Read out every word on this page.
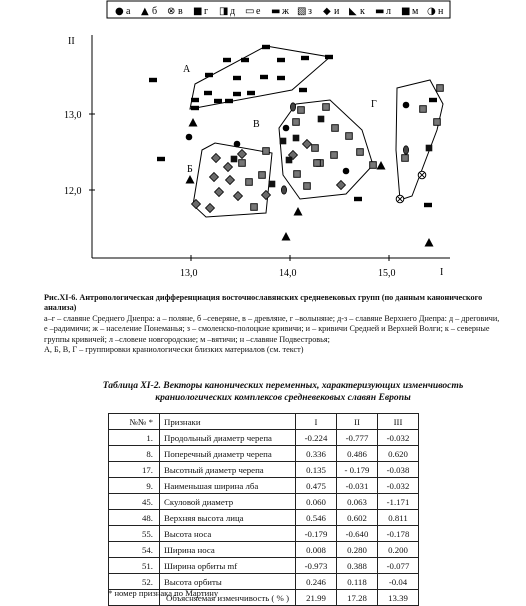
● а ▲ б ⊗ в ■ г ◨ д ▭ е ▬ ж ▧ з ◆ и ◣ к ▬ л ■ м ◑ н
II
I
13,0	14,0	15,0
13,0
12,0
А
Б
В
Г
Рис.XI-6. Антропологическая дифференциация восточнославянских средневековых групп (по данным канонического анализа)
а–г – славяне Среднего Днепра: а – поляне, б –северяне, в – древляне, г –волыняне; д-з – славяне Верхнего Днепра: д – дреговичи,
е –радимичи; ж – население Понеманья; з – смоленско-полоцкие кривичи; и – кривичи Средней и Верхней Волги; к – северные
группы кривичей; л –словене новгородские; м –вятичи; н –славяне Подвестровья;
А, Б, В, Г – группировки краниологически близких материалов (см. текст)
Таблица XI-2. Векторы канонических переменных, характеризующих изменчивость
краниологических комплексов средневековых славян Европы
№№ *	Признаки	I	II	III
1.	Продольный диаметр черепа	-0.224	-0.777	-0.032
8.	Поперечный диаметр черепа	0.336	0.486	0.620
17.	Высотный диаметр черепа	0.135	- 0.179	-0.038
9.	Наименьшая ширина лба	0.475	-0.031	-0.032
45.	Скуловой диаметр	0.060	0.063	-1.171
48.	Верхняя высота лица	0.546	0.602	0.811
55.	Высота носа	-0.179	-0.640	-0.178
54.	Ширина носа	0.008	0.280	0.200
51.	Ширина орбиты mf	-0.973	0.388	-0.077
52.	Высота орбиты	0.246	0.118	-0.04
	Объясняемая изменчивость ( % )	21.99	17.28	13.39
* номер признака по Мартину
